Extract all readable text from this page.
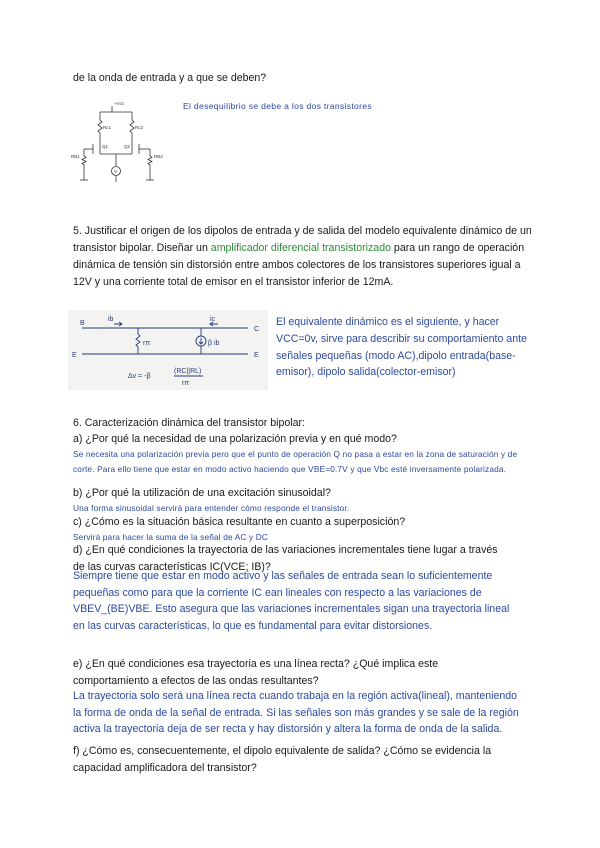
de la onda de entrada y a que se deben?

+Vcc
Rc1	Rc2
Q1	Q2
RB1	RB2
V

El desequilibrio se debe a los dos transistores

5. Justificar el origen de los dipolos de entrada y de salida del modelo equivalente dinámico de un transistor bipolar. Diseñar un amplificador diferencial transistorizado para un rango de operación dinámica de tensión sin distorsión entre ambos colectores de los transistores superiores igual a 12V y una corriente total de emisor en el transistor inferior de 12mA.

B
C
E	E
ib	ic
rπ	β ib
Δv = -β
(RC||RL)
rπ

El equivalente dinámico es el siguiente, y hacer VCC=0v, sirve para describir su comportamiento ante señales pequeñas (modo AC),dipolo entrada(base-emisor), dipolo salida(colector-emisor)

6. Caracterización dinámica del transistor bipolar:

a) ¿Por qué la necesidad de una polarización previa y en qué modo?

Se necesita una polarización previa pero que el punto de operación Q no pasa a estar en la zona de saturación y de corte. Para ello tiene que estar en modo activo haciendo que VBE=0.7V y que Vbc esté inversamente polarizada.

b) ¿Por qué la utilización de una excitación sinusoidal?

Una forma sinusoidal servirá para entender cómo responde el transistor.

c) ¿Cómo es la situación básica resultante en cuanto a superposición?

Servirá para hacer la suma de la señal de AC y DC

d) ¿En qué condiciones la trayectoria de las variaciones incrementales tiene lugar a través de las curvas características IC(VCE; IB)?

Siempre tiene que estar en modo activo y las señales de entrada sean lo suficientemente pequeñas como para que la corriente IC ean lineales con respecto a las variaciones de VBEV_(BE)VBE. Esto asegura que las variaciones incrementales sigan una trayectoria lineal en las curvas características, lo que es fundamental para evitar distorsiones.

e) ¿En qué condiciones esa trayectoria es una línea recta? ¿Qué implica este comportamiento a efectos de las ondas resultantes?

La trayectoria solo será una línea recta cuando trabaja en la región activa(lineal), manteniendo la forma de onda de la señal de entrada. Si las señales son más grandes y se sale de la región activa la trayectoria deja de ser recta y hay distorsión y altera la forma de onda de la salida.

f) ¿Cómo es, consecuentemente, el dipolo equivalente de salida? ¿Cómo se evidencia la capacidad amplificadora del transistor?
